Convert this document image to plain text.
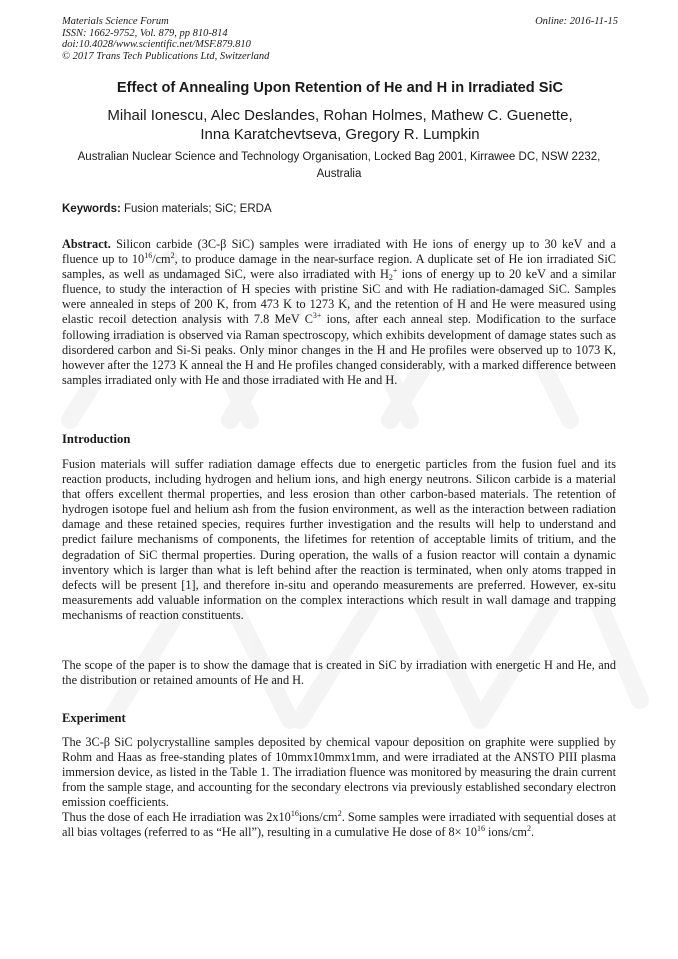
Materials Science Forum
ISSN: 1662-9752, Vol. 879, pp 810-814
doi:10.4028/www.scientific.net/MSF.879.810
© 2017 Trans Tech Publications Ltd, Switzerland
Online: 2016-11-15
Effect of Annealing Upon Retention of He and H in Irradiated SiC
Mihail Ionescu, Alec Deslandes, Rohan Holmes, Mathew C. Guenette,
Inna Karatchevtseva, Gregory R. Lumpkin
Australian Nuclear Science and Technology Organisation, Locked Bag 2001, Kirrawee DC, NSW 2232, Australia
Keywords: Fusion materials; SiC; ERDA
Abstract. Silicon carbide (3C-β SiC) samples were irradiated with He ions of energy up to 30 keV and a fluence up to $10^{16}/cm^2$, to produce damage in the near-surface region. A duplicate set of He ion irradiated SiC samples, as well as undamaged SiC, were also irradiated with $H_2^+$ ions of energy up to 20 keV and a similar fluence, to study the interaction of H species with pristine SiC and with He radiation-damaged SiC. Samples were annealed in steps of 200 K, from 473 K to 1273 K, and the retention of H and He were measured using elastic recoil detection analysis with 7.8 MeV $C^{3+}$ ions, after each anneal step. Modification to the surface following irradiation is observed via Raman spectroscopy, which exhibits development of damage states such as disordered carbon and Si-Si peaks. Only minor changes in the H and He profiles were observed up to 1073 K, however after the 1273 K anneal the H and He profiles changed considerably, with a marked difference between samples irradiated only with He and those irradiated with He and H.
Introduction
Fusion materials will suffer radiation damage effects due to energetic particles from the fusion fuel and its reaction products, including hydrogen and helium ions, and high energy neutrons. Silicon carbide is a material that offers excellent thermal properties, and less erosion than other carbon-based materials. The retention of hydrogen isotope fuel and helium ash from the fusion environment, as well as the interaction between radiation damage and these retained species, requires further investigation and the results will help to understand and predict failure mechanisms of components, the lifetimes for retention of acceptable limits of tritium, and the degradation of SiC thermal properties. During operation, the walls of a fusion reactor will contain a dynamic inventory which is larger than what is left behind after the reaction is terminated, when only atoms trapped in defects will be present [1], and therefore in-situ and operando measurements are preferred. However, ex-situ measurements add valuable information on the complex interactions which result in wall damage and trapping mechanisms of reaction constituents.
The scope of the paper is to show the damage that is created in SiC by irradiation with energetic H and He, and the distribution or retained amounts of He and H.
Experiment
The 3C-β SiC polycrystalline samples deposited by chemical vapour deposition on graphite were supplied by Rohm and Haas as free-standing plates of 10mmx10mmx1mm, and were irradiated at the ANSTO PIII plasma immersion device, as listed in the Table 1. The irradiation fluence was monitored by measuring the drain current from the sample stage, and accounting for the secondary electrons via previously established secondary electron emission coefficients.
Thus the dose of each He irradiation was $2x10^{16}ions/cm^2$. Some samples were irradiated with sequential doses at all bias voltages (referred to as “He all”), resulting in a cumulative He dose of $8\times 10^{16}$ ions/$cm^2$.
